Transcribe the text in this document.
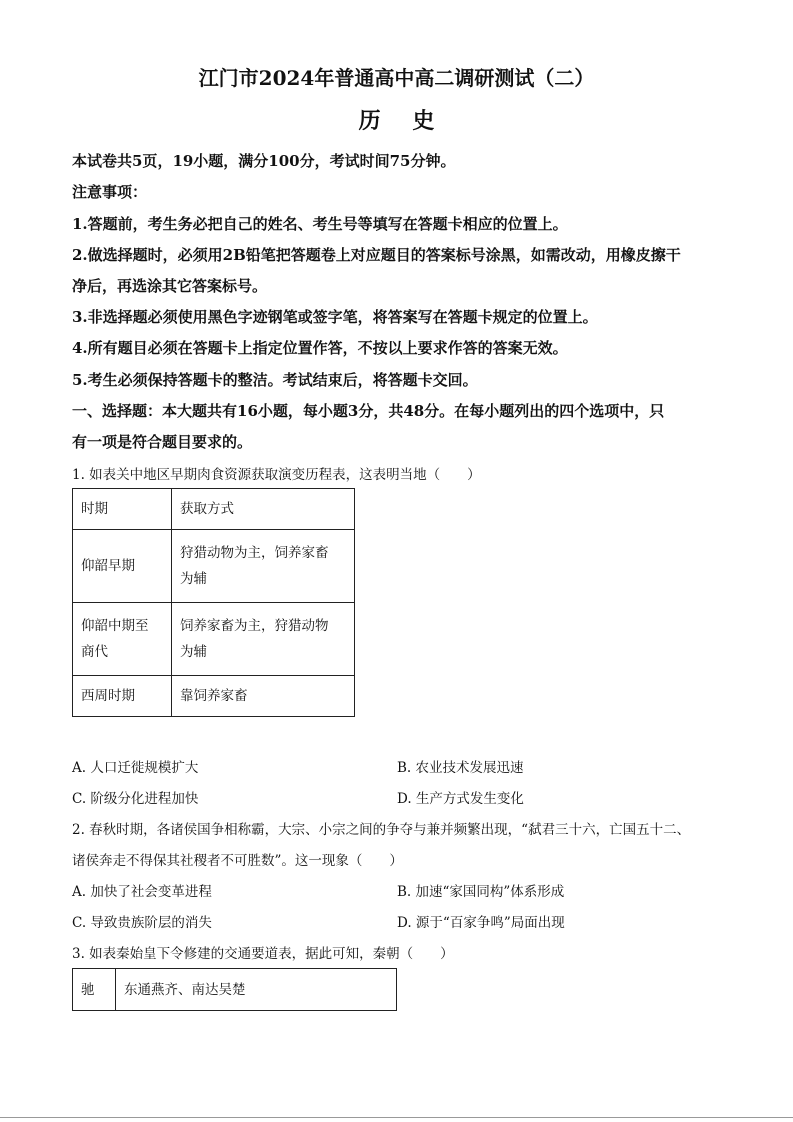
江门市2024年普通高中高二调研测试（二）
历 史
本试卷共5页，19小题，满分100分，考试时间75分钟。
注意事项：
1.答题前，考生务必把自己的姓名、考生号等填写在答题卡相应的位置上。
2.做选择题时，必须用2B铅笔把答题卷上对应题目的答案标号涂黑，如需改动，用橡皮擦干
净后，再选涂其它答案标号。
3.非选择题必须使用黑色字迹钢笔或签字笔，将答案写在答题卡规定的位置上。
4.所有题目必须在答题卡上指定位置作答，不按以上要求作答的答案无效。
5.考生必须保持答题卡的整洁。考试结束后，将答题卡交回。
一、选择题：本大题共有16小题，每小题3分，共48分。在每小题列出的四个选项中，只
有一项是符合题目要求的。
1. 如表关中地区早期肉食资源获取演变历程表，这表明当地（　　）
时期	获取方式
仰韶早期	狩猎动物为主，饲养家畜
为辅
仰韶中期至
商代	饲养家畜为主，狩猎动物
为辅
西周时期	靠饲养家畜
A. 人口迁徙规模扩大	B. 农业技术发展迅速
C. 阶级分化进程加快	D. 生产方式发生变化
2. 春秋时期，各诸侯国争相称霸，大宗、小宗之间的争夺与兼并频繁出现，“弑君三十六，亡国五十二、
诸侯奔走不得保其社稷者不可胜数”。这一现象（　　）
A. 加快了社会变革进程	B. 加速“家国同构”体系形成
C. 导致贵族阶层的消失	D. 源于“百家争鸣”局面出现
3. 如表秦始皇下令修建的交通要道表，据此可知，秦朝（　　）
驰	东通燕齐、南达吴楚
